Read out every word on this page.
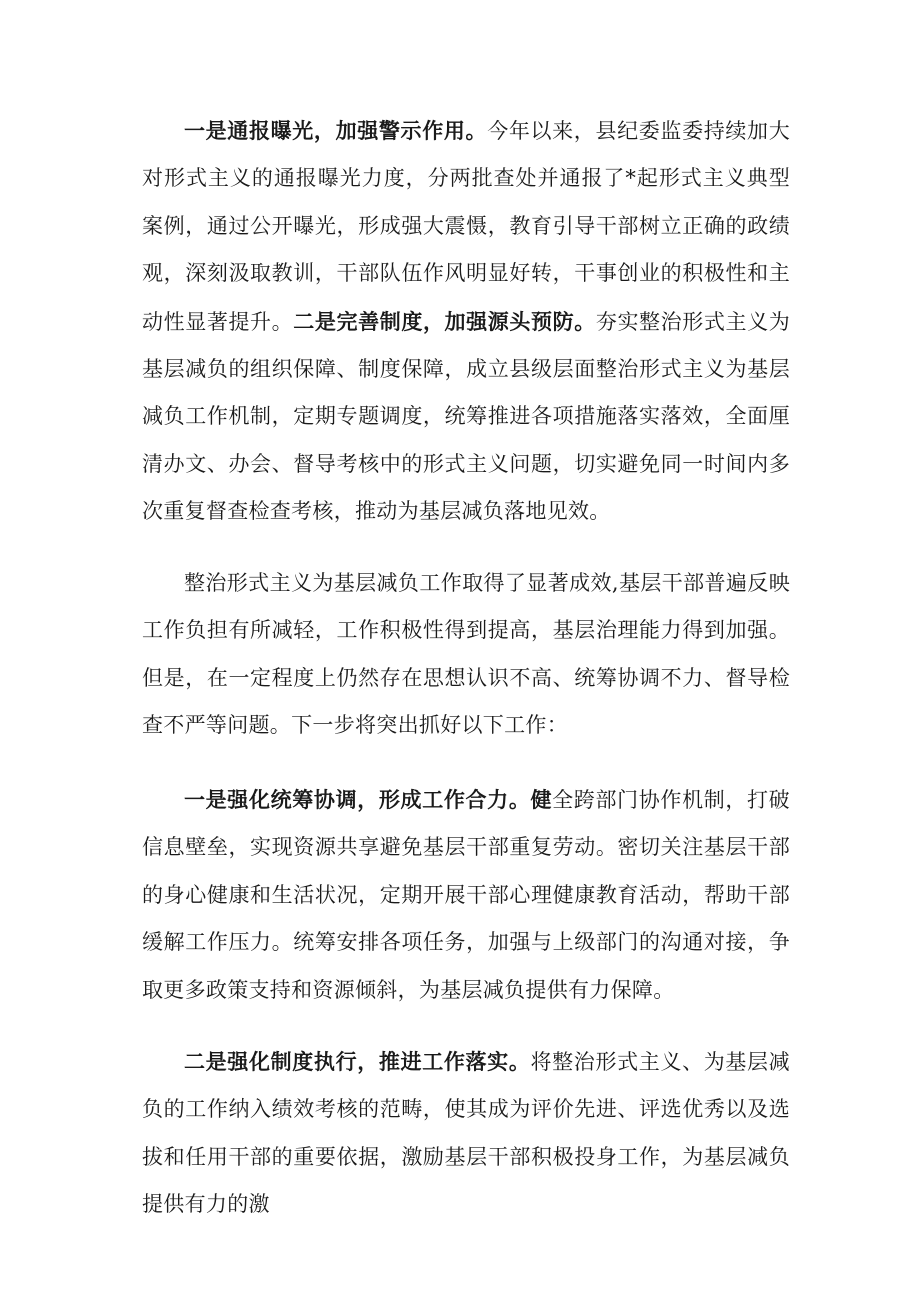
一是通报曝光，加强警示作用。今年以来，县纪委监委持续加大对形式主义的通报曝光力度，分两批查处并通报了*起形式主义典型案例，通过公开曝光，形成强大震慑，教育引导干部树立正确的政绩观，深刻汲取教训，干部队伍作风明显好转，干事创业的积极性和主动性显著提升。二是完善制度，加强源头预防。夯实整治形式主义为基层减负的组织保障、制度保障，成立县级层面整治形式主义为基层减负工作机制，定期专题调度，统筹推进各项措施落实落效，全面厘清办文、办会、督导考核中的形式主义问题，切实避免同一时间内多次重复督查检查考核，推动为基层减负落地见效。

整治形式主义为基层减负工作取得了显著成效,基层干部普遍反映工作负担有所减轻，工作积极性得到提高，基层治理能力得到加强。但是，在一定程度上仍然存在思想认识不高、统筹协调不力、督导检查不严等问题。下一步将突出抓好以下工作：

一是强化统筹协调，形成工作合力。健全跨部门协作机制，打破信息壁垒，实现资源共享避免基层干部重复劳动。密切关注基层干部的身心健康和生活状况，定期开展干部心理健康教育活动，帮助干部缓解工作压力。统筹安排各项任务，加强与上级部门的沟通对接，争取更多政策支持和资源倾斜，为基层减负提供有力保障。

二是强化制度执行，推进工作落实。将整治形式主义、为基层减负的工作纳入绩效考核的范畴，使其成为评价先进、评选优秀以及选拔和任用干部的重要依据，激励基层干部积极投身工作，为基层减负提供有力的激
